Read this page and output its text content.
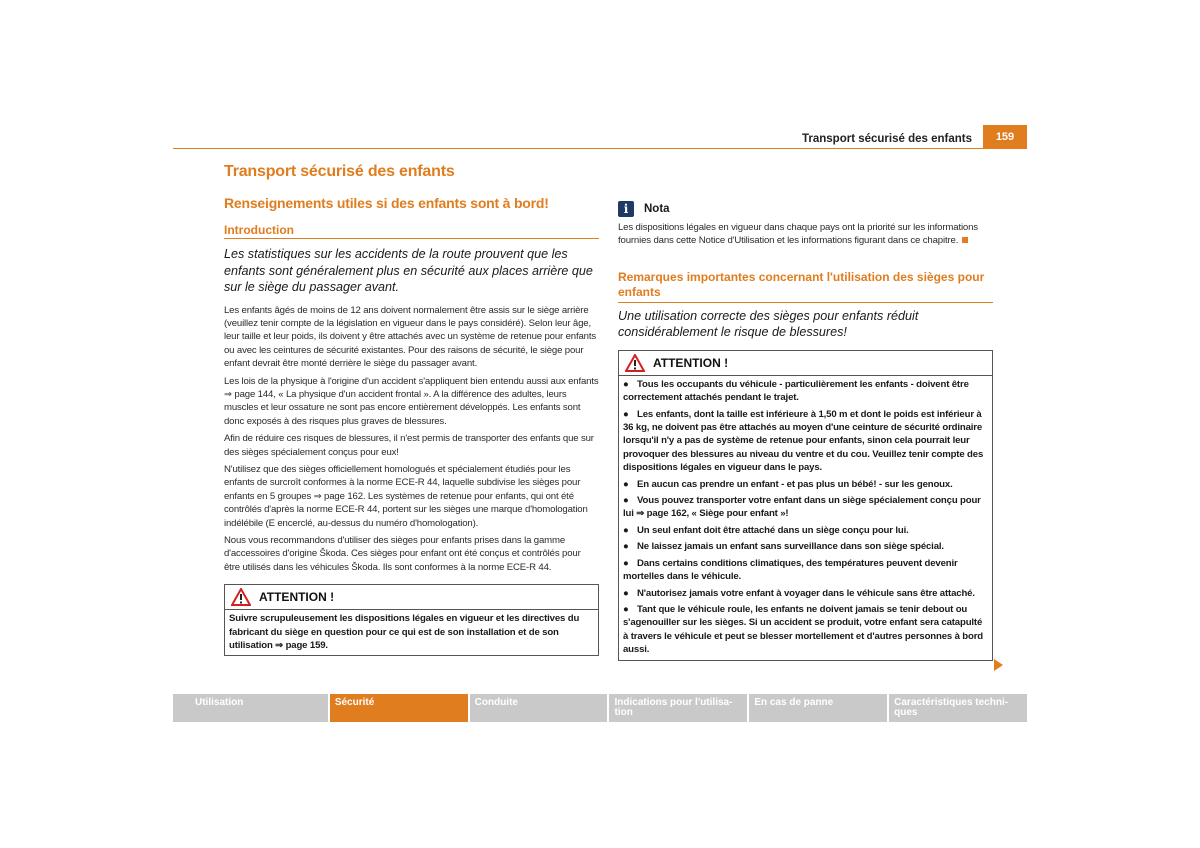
Transport sécurisé des enfants	159
Transport sécurisé des enfants
Renseignements utiles si des enfants sont à bord!
Introduction
Les statistiques sur les accidents de la route prouvent que les enfants sont généralement plus en sécurité aux places arrière que sur le siège du passager avant.

Les enfants âgés de moins de 12 ans doivent normalement être assis sur le siège arrière (veuillez tenir compte de la législation en vigueur dans le pays considéré). Selon leur âge, leur taille et leur poids, ils doivent y être attachés avec un système de retenue pour enfants ou avec les ceintures de sécurité existantes. Pour des raisons de sécurité, le siège pour enfant devrait être monté derrière le siège du passager avant.

Les lois de la physique à l'origine d'un accident s'appliquent bien entendu aussi aux enfants ⇒ page 144, « La physique d'un accident frontal ». A la différence des adultes, leurs muscles et leur ossature ne sont pas encore entièrement développés. Les enfants sont donc exposés à des risques plus graves de blessures.

Afin de réduire ces risques de blessures, il n'est permis de transporter des enfants que sur des sièges spécialement conçus pour eux!

N'utilisez que des sièges officiellement homologués et spécialement étudiés pour les enfants de surcroît conformes à la norme ECE-R 44, laquelle subdivise les sièges pour enfants en 5 groupes ⇒ page 162. Les systèmes de retenue pour enfants, qui ont été contrôlés d'après la norme ECE-R 44, portent sur les sièges une marque d'homologation indélébile (E encerclé, au-dessus du numéro d'homologation).

Nous vous recommandons d'utiliser des sièges pour enfants prises dans la gamme d'accessoires d'origine Škoda. Ces sièges pour enfant ont été conçus et contrôlés pour être utilisés dans les véhicules Škoda. Ils sont conformes à la norme ECE-R 44.

ATTENTION !
Suivre scrupuleusement les dispositions légales en vigueur et les directives du fabricant du siège en question pour ce qui est de son installation et de son utilisation ⇒ page 159.
i	Nota

Les dispositions légales en vigueur dans chaque pays ont la priorité sur les informations fournies dans cette Notice d'Utilisation et les informations figurant dans ce chapitre.

Remarques importantes concernant l'utilisation des sièges pour enfants
Une utilisation correcte des sièges pour enfants réduit considérablement le risque de blessures!
ATTENTION !
● Tous les occupants du véhicule - particulièrement les enfants - doivent être correctement attachés pendant le trajet.
● Les enfants, dont la taille est inférieure à 1,50 m et dont le poids est inférieur à 36 kg, ne doivent pas être attachés au moyen d'une ceinture de sécurité ordinaire lorsqu'il n'y a pas de système de retenue pour enfants, sinon cela pourrait leur provoquer des blessures au niveau du ventre et du cou. Veuillez tenir compte des dispositions légales en vigueur dans le pays.
● En aucun cas prendre un enfant - et pas plus un bébé! - sur les genoux.
● Vous pouvez transporter votre enfant dans un siège spécialement conçu pour lui ⇒ page 162, « Siège pour enfant »!
● Un seul enfant doit être attaché dans un siège conçu pour lui.
● Ne laissez jamais un enfant sans surveillance dans son siège spécial.
● Dans certains conditions climatiques, des températures peuvent devenir mortelles dans le véhicule.
● N'autorisez jamais votre enfant à voyager dans le véhicule sans être attaché.
● Tant que le véhicule roule, les enfants ne doivent jamais se tenir debout ou s'agenouiller sur les sièges. Si un accident se produit, votre enfant sera catapulté à travers le véhicule et peut se blesser mortellement et d'autres personnes à bord aussi.
Utilisation	Sécurité	Conduite	Indications pour l'utilisa-tion
En cas de panne	Caractéristiques techni-ques
